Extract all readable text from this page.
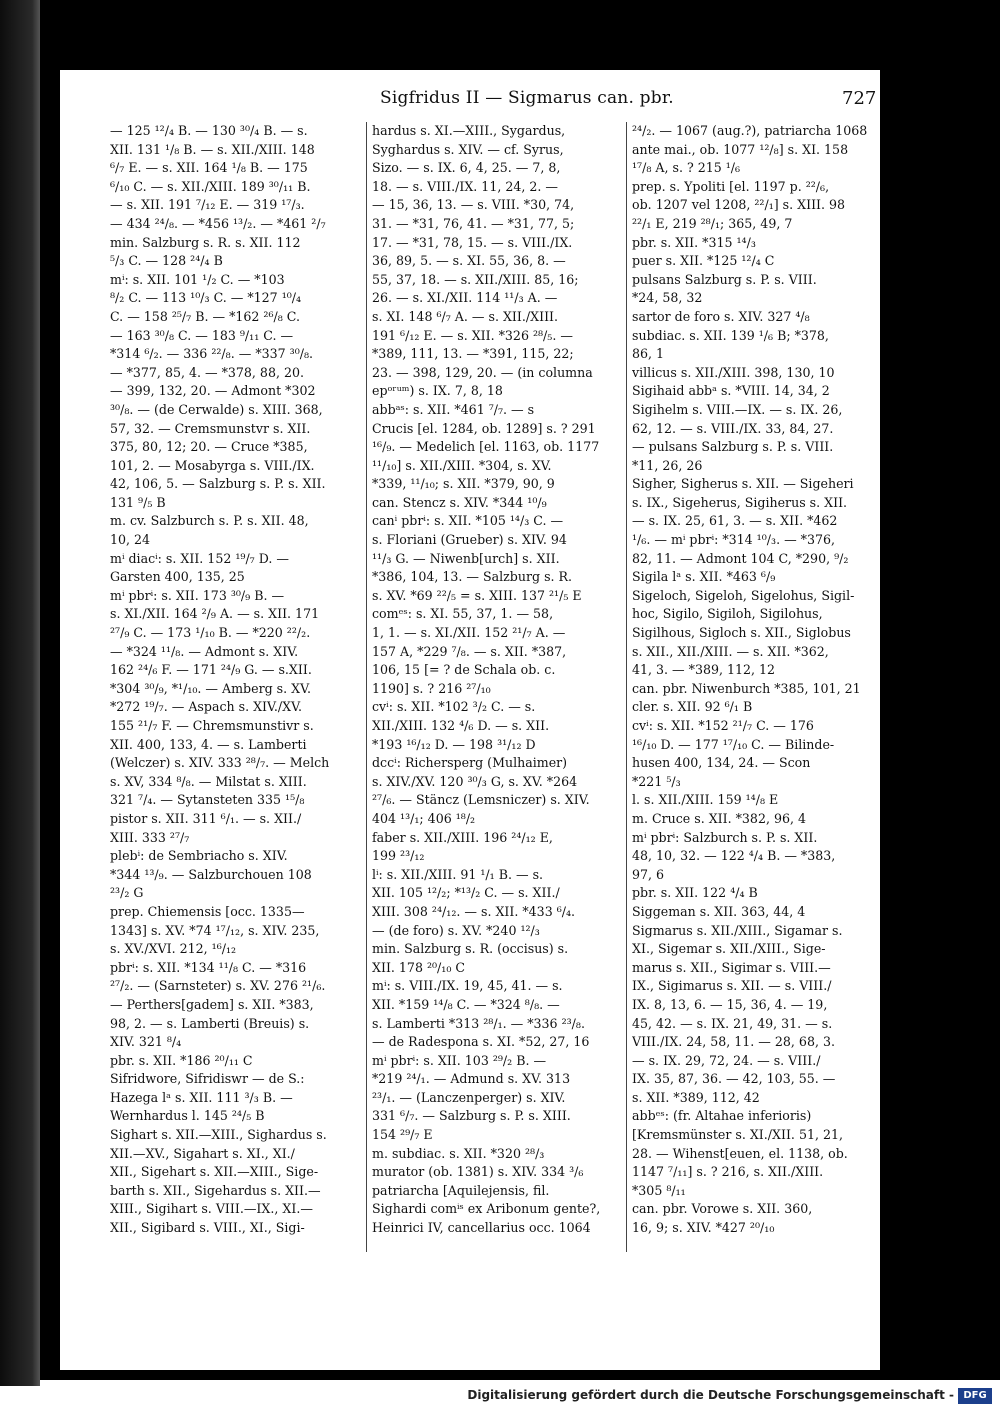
Sigfridus II — Sigmarus can. pbr.	727
— 125 ¹²/₄ B. — 130 ³⁰/₄ B. — s.
XII. 131 ¹/₈ B. — s. XII./XIII. 148
⁶/₇ E. — s. XII. 164 ¹/₈ B. — 175
⁶/₁₀ C. — s. XII./XIII. 189 ³⁰/₁₁ B.
— s. XII. 191 ⁷/₁₂ E. — 319 ¹⁷/₃.
— 434 ²⁴/₈. — *456 ¹³/₂. — *461 ²/₇
min. Salzburg s. R. s. XII. 112
⁵/₃ C. — 128 ²⁴/₄ B
mⁱ: s. XII. 101 ¹/₂ C. — *103
⁸/₂ C. — 113 ¹⁰/₃ C. — *127 ¹⁰/₄
C. — 158 ²⁵/₇ B. — *162 ²⁶/₈ C.
— 163 ³⁰/₈ C. — 183 ⁹/₁₁ C. —
*314 ⁶/₂. — 336 ²²/₈. — *337 ³⁰/₈.
— *377, 85, 4. — *378, 88, 20.
— 399, 132, 20. — Admont *302
³⁰/₈. — (de Cerwalde) s. XIII. 368,
57, 32. — Cremsmunstvr s. XII.
375, 80, 12; 20. — Cruce *385,
101, 2. — Mosabyrga s. VIII./IX.
42, 106, 5. — Salzburg s. P. s. XII.
131 ⁹/₅ B
m. cv. Salzburch s. P. s. XII. 48,
10, 24
mⁱ diacⁱ: s. XII. 152 ¹⁹/₇ D. —
Garsten 400, 135, 25
mⁱ pbrⁱ: s. XII. 173 ³⁰/₉ B. —
s. XI./XII. 164 ²/₉ A. — s. XII. 171
²⁷/₉ C. — 173 ¹/₁₀ B. — *220 ²²/₂.
— *324 ¹¹/₈. — Admont s. XIV.
162 ²⁴/₆ F. — 171 ²⁴/₉ G. — s.XII.
*304 ³⁰/₉, *¹/₁₀. — Amberg s. XV.
*272 ¹⁹/₇. — Aspach s. XIV./XV.
155 ²¹/₇ F. — Chremsmunstivr s.
XII. 400, 133, 4. — s. Lamberti
(Welczer) s. XIV. 333 ²⁸/₇. — Melch
s. XV, 334 ⁸/₈. — Milstat s. XIII.
321 ⁷/₄. — Sytansteten 335 ¹⁵/₈
pistor s. XII. 311 ⁶/₁. — s. XII./
XIII. 333 ²⁷/₇
plebⁱ: de Sembriacho s. XIV.
*344 ¹³/₉. — Salzburchouen 108
²³/₂ G
prep. Chiemensis [occ. 1335—
1343] s. XV. *74 ¹⁷/₁₂, s. XIV. 235,
s. XV./XVI. 212, ¹⁶/₁₂
pbrⁱ: s. XII. *134 ¹¹/₈ C. — *316
²⁷/₂. — (Sarnsteter) s. XV. 276 ²¹/₆.
— Perthers[gadem] s. XII. *383,
98, 2. — s. Lamberti (Breuis) s.
XIV. 321 ⁸/₄
pbr. s. XII. *186 ²⁰/₁₁ C
Sifridwore, Sifridiswr — de S.:
Hazega lᵃ s. XII. 111 ³/₃ B. —
Wernhardus l. 145 ²⁴/₅ B
Sighart s. XII.—XIII., Sighardus s.
XII.—XV., Sigahart s. XI., XI./
XII., Sigehart s. XII.—XIII., Sige-
barth s. XII., Sigehardus s. XII.—
XIII., Sigihart s. VIII.—IX., XI.—
XII., Sigibard s. VIII., XI., Sigi-
hardus s. XI.—XIII., Sygardus,
Syghardus s. XIV. — cf. Syrus,
Sizo. — s. IX. 6, 4, 25. — 7, 8,
18. — s. VIII./IX. 11, 24, 2. —
— 15, 36, 13. — s. VIII. *30, 74,
31. — *31, 76, 41. — *31, 77, 5;
17. — *31, 78, 15. — s. VIII./IX.
36, 89, 5. — s. XI. 55, 36, 8. —
55, 37, 18. — s. XII./XIII. 85, 16;
26. — s. XI./XII. 114 ¹¹/₃ A. —
s. XI. 148 ⁶/₇ A. — s. XII./XIII.
191 ⁶/₁₂ E. — s. XII. *326 ²⁸/₅. —
*389, 111, 13. — *391, 115, 22;
23. — 398, 129, 20. — (in columna
epᵒʳᵘᵐ) s. IX. 7, 8, 18
abbᵃˢ: s. XII. *461 ⁷/₇. — s
Crucis [el. 1284, ob. 1289] s. ? 291
¹⁶/₉. — Medelich [el. 1163, ob. 1177
¹¹/₁₀] s. XII./XIII. *304, s. XV.
*339, ¹¹/₁₀; s. XII. *379, 90, 9
can. Stencz s. XIV. *344 ¹⁰/₉
canⁱ pbrⁱ: s. XII. *105 ¹⁴/₃ C. —
s. Floriani (Grueber) s. XIV. 94
¹¹/₃ G. — Niwenb[urch] s. XII.
*386, 104, 13. — Salzburg s. R.
s. XV. *69 ²²/₅ = s. XIII. 137 ²¹/₅ E
comᵉˢ: s. XI. 55, 37, 1. — 58,
1, 1. — s. XI./XII. 152 ²¹/₇ A. —
157 A, *229 ⁷/₈. — s. XII. *387,
106, 15 [= ? de Schala ob. c.
1190] s. ? 216 ²⁷/₁₀
cvⁱ: s. XII. *102 ³/₂ C. — s.
XII./XIII. 132 ⁴/₆ D. — s. XII.
*193 ¹⁶/₁₂ D. — 198 ³¹/₁₂ D
dccⁱ: Richersperg (Mulhaimer)
s. XIV./XV. 120 ³⁰/₃ G, s. XV. *264
²⁷/₆. — Stäncz (Lemsniczer) s. XIV.
404 ¹³/₁; 406 ¹⁸/₂
faber s. XII./XIII. 196 ²⁴/₁₂ E,
199 ²³/₁₂
lⁱ: s. XII./XIII. 91 ¹/₁ B. — s.
XII. 105 ¹²/₂; *¹³/₂ C. — s. XII./
XIII. 308 ²⁴/₁₂. — s. XII. *433 ⁶/₄.
— (de foro) s. XV. *240 ¹²/₃
min. Salzburg s. R. (occisus) s.
XII. 178 ²⁰/₁₀ C
mⁱ: s. VIII./IX. 19, 45, 41. — s.
XII. *159 ¹⁴/₈ C. — *324 ⁸/₈. —
s. Lamberti *313 ²⁸/₁. — *336 ²³/₈.
— de Radespona s. XI. *52, 27, 16
mⁱ pbrⁱ: s. XII. 103 ²⁹/₂ B. —
*219 ²⁴/₁. — Admund s. XV. 313
²³/₁. — (Lanczenperger) s. XIV.
331 ⁶/₇. — Salzburg s. P. s. XIII.
154 ²⁹/₇ E
m. subdiac. s. XII. *320 ²⁸/₃
murator (ob. 1381) s. XIV. 334 ³/₆
patriarcha [Aquilejensis, fil.
Sighardi comⁱˢ ex Aribonum gente?,
Heinrici IV, cancellarius occ. 1064
²⁴/₂. — 1067 (aug.?), patriarcha 1068
ante mai., ob. 1077 ¹²/₈] s. XI. 158
¹⁷/₈ A, s. ? 215 ¹/₆
prep. s. Ypoliti [el. 1197 p. ²²/₆,
ob. 1207 vel 1208, ²²/₁] s. XIII. 98
²²/₁ E, 219 ²⁸/₁; 365, 49, 7
pbr. s. XII. *315 ¹⁴/₃
puer s. XII. *125 ¹²/₄ C
pulsans Salzburg s. P. s. VIII.
*24, 58, 32
sartor de foro s. XIV. 327 ⁴/₈
subdiac. s. XII. 139 ¹/₆ B; *378,
86, 1
villicus s. XII./XIII. 398, 130, 10
Sigihaid abbᵃ s. *VIII. 14, 34, 2
Sigihelm s. VIII.—IX. — s. IX. 26,
62, 12. — s. VIII./IX. 33, 84, 27.
— pulsans Salzburg s. P. s. VIII.
*11, 26, 26
Sigher, Sigherus s. XII. — Sigeheri
s. IX., Sigeherus, Sigiherus s. XII.
— s. IX. 25, 61, 3. — s. XII. *462
¹/₆. — mⁱ pbrⁱ: *314 ¹⁰/₃. — *376,
82, 11. — Admont 104 C, *290, ⁹/₂
Sigila lᵃ s. XII. *463 ⁶/₉
Sigeloch, Sigeloh, Sigelohus, Sigil-
hoc, Sigilo, Sigiloh, Sigilohus,
Sigilhous, Sigloch s. XII., Siglobus
s. XII., XII./XIII. — s. XII. *362,
41, 3. — *389, 112, 12
can. pbr. Niwenburch *385, 101, 21
cler. s. XII. 92 ⁶/₁ B
cvⁱ: s. XII. *152 ²¹/₇ C. — 176
¹⁶/₁₀ D. — 177 ¹⁷/₁₀ C. — Bilinde-
husen 400, 134, 24. — Scon
*221 ⁵/₃
l. s. XII./XIII. 159 ¹⁴/₈ E
m. Cruce s. XII. *382, 96, 4
mⁱ pbrⁱ: Salzburch s. P. s. XII.
48, 10, 32. — 122 ⁴/₄ B. — *383,
97, 6
pbr. s. XII. 122 ⁴/₄ B
Siggeman s. XII. 363, 44, 4
Sigmarus s. XII./XIII., Sigamar s.
XI., Sigemar s. XII./XIII., Sige-
marus s. XII., Sigimar s. VIII.—
IX., Sigimarus s. XII. — s. VIII./
IX. 8, 13, 6. — 15, 36, 4. — 19,
45, 42. — s. IX. 21, 49, 31. — s.
VIII./IX. 24, 58, 11. — 28, 68, 3.
— s. IX. 29, 72, 24. — s. VIII./
IX. 35, 87, 36. — 42, 103, 55. —
s. XII. *389, 112, 42
abbᵉˢ: (fr. Altahae inferioris)
[Kremsmünster s. XI./XII. 51, 21,
28. — Wihenst[euen, el. 1138, ob.
1147 ⁷/₁₁] s. ? 216, s. XII./XIII.
*305 ⁸/₁₁
can. pbr. Vorowe s. XII. 360,
16, 9; s. XIV. *427 ²⁰/₁₀
Digitalisierung gefördert durch die Deutsche Forschungsgemeinschaft - DFG
